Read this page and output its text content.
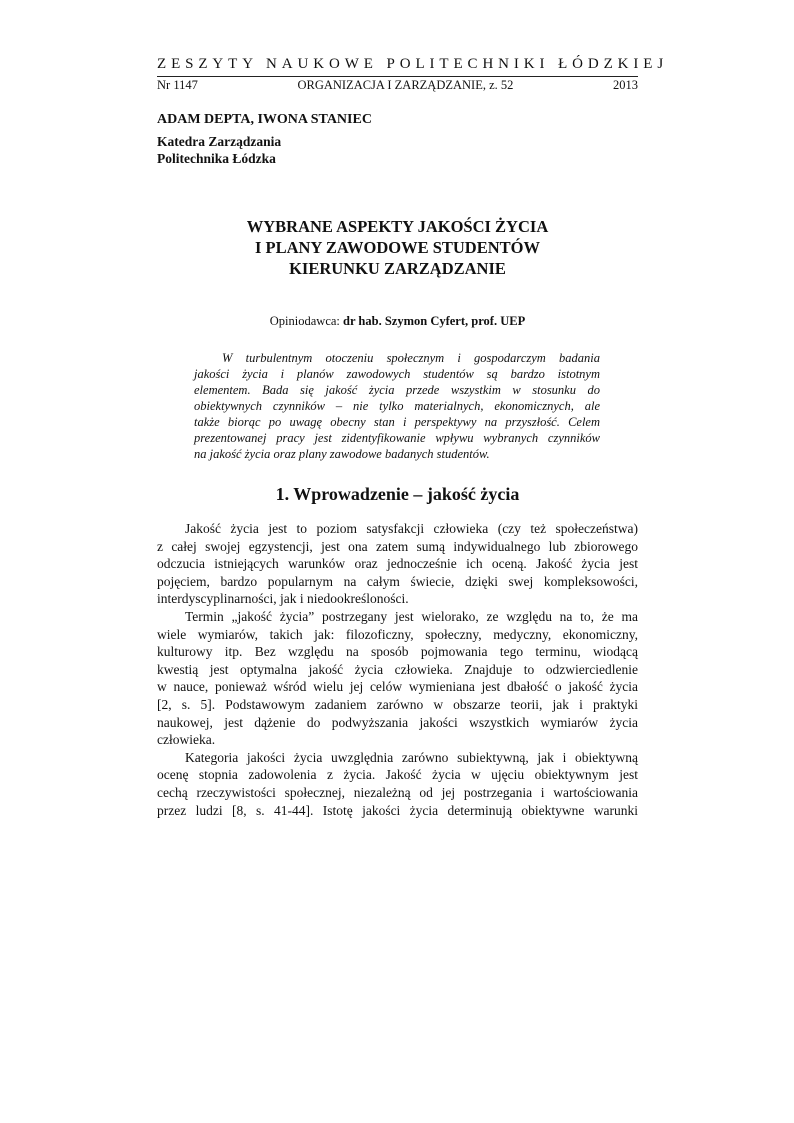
ZESZYTY NAUKOWE POLITECHNIKI ŁÓDZKIEJ
Nr 1147	ORGANIZACJA I ZARZĄDZANIE, z. 52	2013
ADAM DEPTA, IWONA STANIEC
Katedra Zarządzania
Politechnika Łódzka
WYBRANE ASPEKTY JAKOŚCI ŻYCIA
I PLANY ZAWODOWE STUDENTÓW
KIERUNKU ZARZĄDZANIE
Opiniodawca: dr hab. Szymon Cyfert, prof. UEP
W turbulentnym otoczeniu społecznym i gospodarczym badania
jakości życia i planów zawodowych studentów są bardzo istotnym
elementem. Bada się jakość życia przede wszystkim w stosunku do
obiektywnych czynników – nie tylko materialnych, ekonomicznych, ale
także biorąc po uwagę obecny stan i perspektywy na przyszłość. Celem
prezentowanej pracy jest zidentyfikowanie wpływu wybranych czynników
na jakość życia oraz plany zawodowe badanych studentów.
1. Wprowadzenie – jakość życia
Jakość życia jest to poziom satysfakcji człowieka (czy też społeczeństwa)
z całej swojej egzystencji, jest ona zatem sumą indywidualnego lub zbiorowego
odczucia istniejących warunków oraz jednocześnie ich oceną. Jakość życia jest
pojęciem, bardzo popularnym na całym świecie, dzięki swej kompleksowości,
interdyscyplinarności, jak i niedookreśloności.
Termin „jakość życia” postrzegany jest wielorako, ze względu na to, że ma
wiele wymiarów, takich jak: filozoficzny, społeczny, medyczny, ekonomiczny,
kulturowy itp. Bez względu na sposób pojmowania tego terminu, wiodącą
kwestią jest optymalna jakość życia człowieka. Znajduje to odzwierciedlenie
w nauce, ponieważ wśród wielu jej celów wymieniana jest dbałość o jakość życia
[2, s. 5]. Podstawowym zadaniem zarówno w obszarze teorii, jak i praktyki
naukowej, jest dążenie do podwyższania jakości wszystkich wymiarów życia
człowieka.
Kategoria jakości życia uwzględnia zarówno subiektywną, jak i obiektywną
ocenę stopnia zadowolenia z życia. Jakość życia w ujęciu obiektywnym jest
cechą rzeczywistości społecznej, niezależną od jej postrzegania i wartościowania
przez ludzi [8, s. 41-44]. Istotę jakości życia determinują obiektywne warunki
